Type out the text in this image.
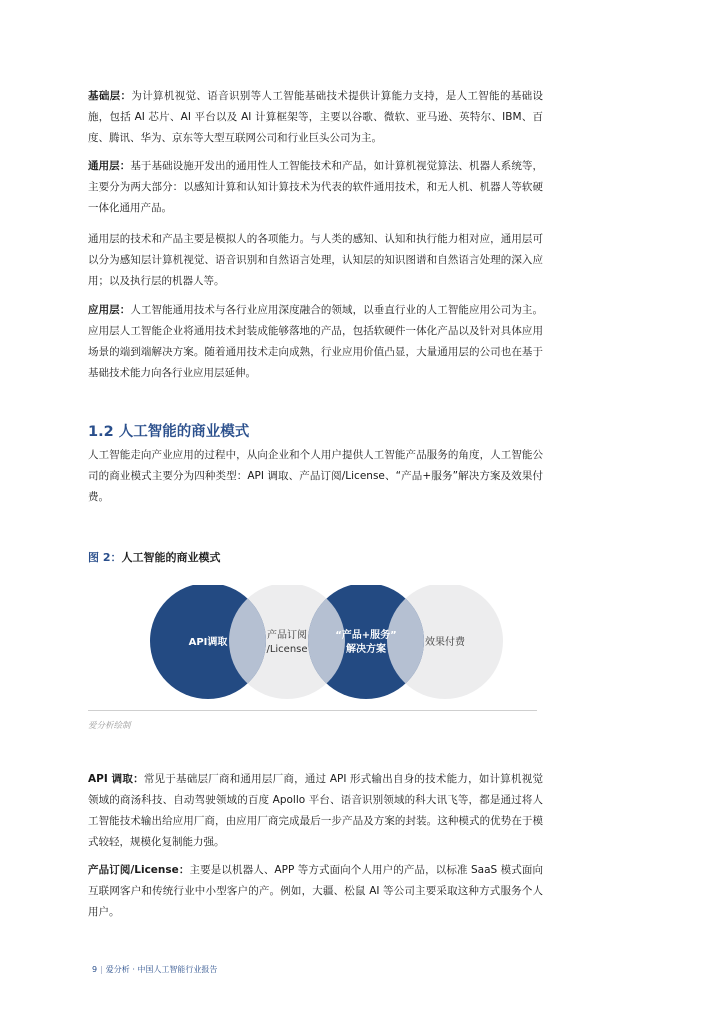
基础层：为计算机视觉、语音识别等人工智能基础技术提供计算能力支持，是人工智能的基础设施，包括 AI 芯片、AI 平台以及 AI 计算框架等，主要以谷歌、微软、亚马逊、英特尔、IBM、百度、腾讯、华为、京东等大型互联网公司和行业巨头公司为主。

通用层：基于基础设施开发出的通用性人工智能技术和产品，如计算机视觉算法、机器人系统等，主要分为两大部分：以感知计算和认知计算技术为代表的软件通用技术，和无人机、机器人等软硬一体化通用产品。

通用层的技术和产品主要是模拟人的各项能力。与人类的感知、认知和执行能力相对应，通用层可以分为感知层计算机视觉、语音识别和自然语言处理，认知层的知识图谱和自然语言处理的深入应用；以及执行层的机器人等。

应用层：人工智能通用技术与各行业应用深度融合的领域，以垂直行业的人工智能应用公司为主。应用层人工智能企业将通用技术封装成能够落地的产品，包括软硬件一体化产品以及针对具体应用场景的端到端解决方案。随着通用技术走向成熟，行业应用价值凸显，大量通用层的公司也在基于基础技术能力向各行业应用层延伸。

1.2 人工智能的商业模式

人工智能走向产业应用的过程中，从向企业和个人用户提供人工智能产品服务的角度，人工智能公司的商业模式主要分为四种类型：API 调取、产品订阅/License、“产品+服务”解决方案及效果付费。

图 2：人工智能的商业模式

API调取
产品订阅
/License
“产品+服务”
解决方案
效果付费

爱分析绘制

API 调取：常见于基础层厂商和通用层厂商，通过 API 形式输出自身的技术能力，如计算机视觉领域的商汤科技、自动驾驶领域的百度 Apollo 平台、语音识别领域的科大讯飞等，都是通过将人工智能技术输出给应用厂商，由应用厂商完成最后一步产品及方案的封装。这种模式的优势在于模式较轻，规模化复制能力强。

产品订阅/License：主要是以机器人、APP 等方式面向个人用户的产品，以标准 SaaS 模式面向互联网客户和传统行业中小型客户的产。例如，大疆、松鼠 AI 等公司主要采取这种方式服务个人用户。

9 | 爱分析 · 中国人工智能行业报告
